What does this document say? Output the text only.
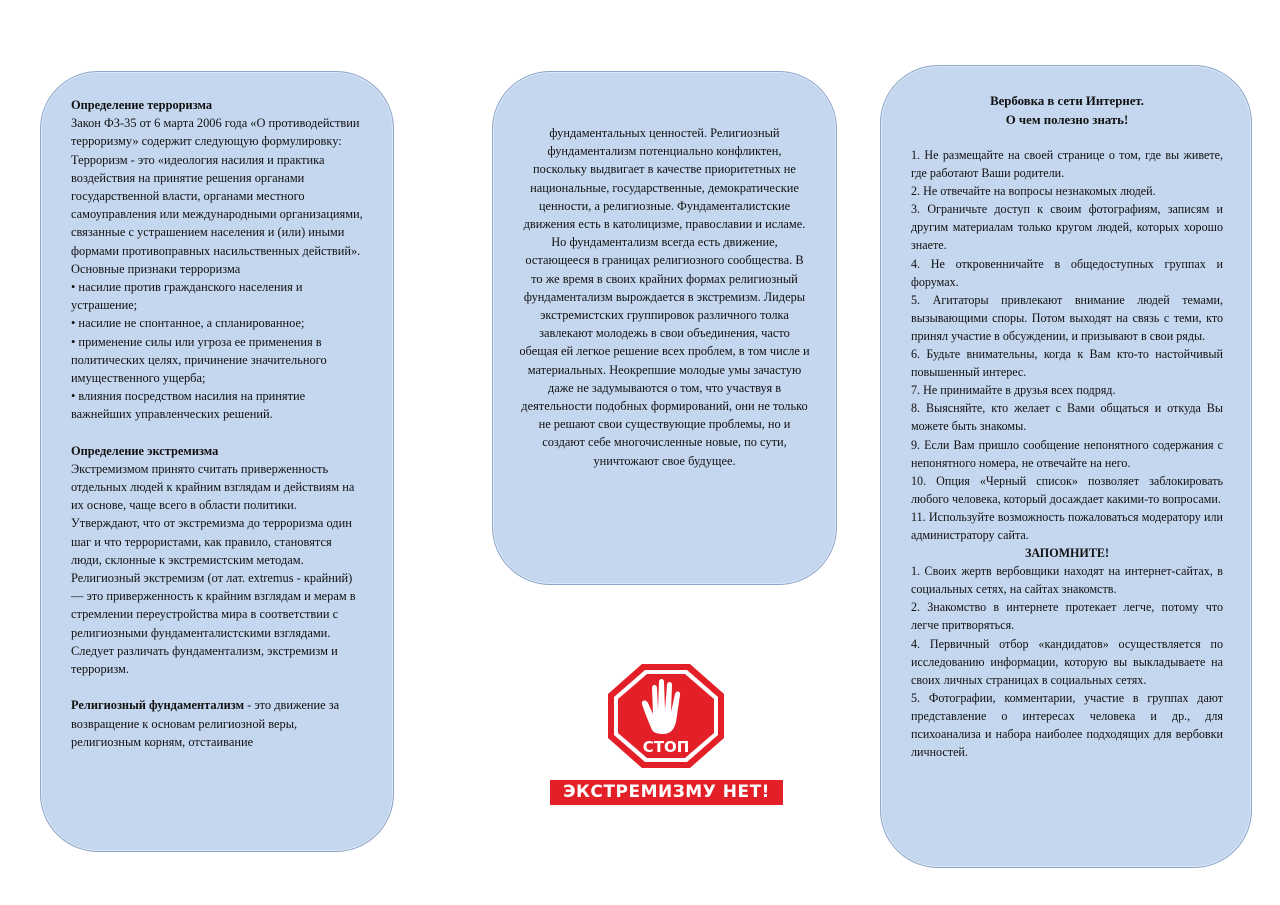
Определение терроризма

Закон ФЗ-35 от 6 марта 2006 года «О противодействии терроризму» содержит следующую формулировку: Терроризм - это «идеология насилия и практика воздействия на принятие решения органами государственной власти, органами местного самоуправления или международными организациями, связанные с устрашением населения и (или) иными формами противоправных насильственных действий».

Основные признаки терроризма

• насилие против гражданского населения и устрашение;

• насилие не спонтанное, а спланированное;

• применение силы или угроза ее применения в политических целях, причинение значительного имущественного ущерба;

• влияния посредством насилия на принятие важнейших управленческих решений.

Определение экстремизма

Экстремизмом принято считать приверженность отдельных людей к крайним взглядам и действиям на их основе, чаще всего в области политики. Утверждают, что от экстремизма до терроризма один шаг и что террористами, как правило, становятся люди, склонные к экстремистским методам. Религиозный экстремизм (от лат. extremus - крайний) — это приверженность к крайним взглядам и мерам в стремлении переустройства мира в соответствии с религиозными фундаменталистскими взглядами.

Следует различать фундаментализм, экстремизм и терроризм.

Религиозный фундаментализм - это движение за возвращение к основам религиозной веры, религиозным корням, отстаивание

фундаментальных ценностей. Религиозный фундаментализм потенциально конфликтен, поскольку выдвигает в качестве приоритетных не национальные, государственные, демократические ценности, а религиозные. Фундаменталистские движения есть в католицизме, православии и исламе. Но фундаментализм всегда есть движение, остающееся в границах религиозного сообщества. В то же время в своих крайних формах религиозный фундаментализм вырождается в экстремизм. Лидеры экстремистских группировок различного толка завлекают молодежь в свои объединения, часто обещая ей легкое решение всех проблем, в том числе и материальных. Неокрепшие молодые умы зачастую даже не задумываются о том, что участвуя в деятельности подобных формирований, они не только не решают свои существующие проблемы, но и создают себе многочисленные новые, по сути, уничтожают свое будущее.

СТОП
ЭКСТРЕМИЗМУ НЕТ!

Вербовка в сети Интернет.

О чем полезно знать!

1. Не размещайте на своей странице о том, где вы живете, где работают Ваши родители.

2. Не отвечайте на вопросы незнакомых людей.

3. Ограничьте доступ к своим фотографиям, записям и другим материалам только кругом людей, которых хорошо знаете.

4. Не откровенничайте в общедоступных группах и форумах.

5. Агитаторы привлекают внимание людей темами, вызывающими споры. Потом выходят на связь с теми, кто принял участие в обсуждении, и призывают в свои ряды.

6. Будьте внимательны, когда к Вам кто-то настойчивый повышенный интерес.

7. Не принимайте в друзья всех подряд.

8. Выясняйте, кто желает с Вами общаться и откуда Вы можете быть знакомы.

9. Если Вам пришло сообщение непонятного содержания с непонятного номера, не отвечайте на него.

10. Опция «Черный список» позволяет заблокировать любого человека, который досаждает какими-то вопросами.

11. Используйте возможность пожаловаться модератору или администратору сайта.

ЗАПОМНИТЕ!

1. Своих жертв вербовщики находят на интернет-сайтах, в социальных сетях, на сайтах знакомств.

2. Знакомство в интернете протекает легче, потому что легче притворяться.

4. Первичный отбор «кандидатов» осуществляется по исследованию информации, которую вы выкладываете на своих личных страницах в социальных сетях.

5. Фотографии, комментарии, участие в группах дают представление о интересах человека и др., для психоанализа и набора наиболее подходящих для вербовки личностей.
